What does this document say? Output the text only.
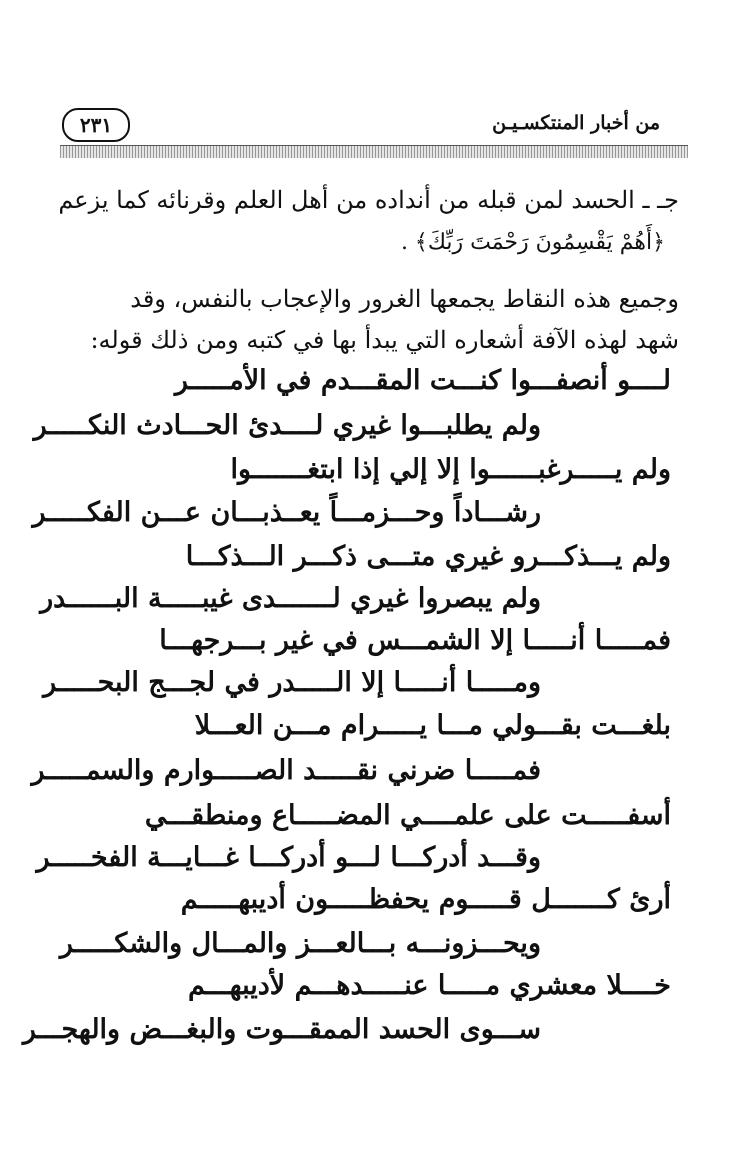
٢٣١	من أخبار المنتكسـيـن
جـ ـ الحسد لمن قبله من أنداده من أهل العلم وقرنائه كما يزعم
﴿أَهُمْ يَقْسِمُونَ رَحْمَتَ رَبِّكَ﴾ .
وجميع هذه النقاط يجمعها الغرور والإعجاب بالنفس، وقد
شهد لهذه الآفة أشعاره التي يبدأ بها في كتبه ومن ذلك قوله:
لــــو أنصفـــوا كنـــت المقـــدم في الأمـــــر
ولم يطلبـــوا غيري لــــدئ الحـــادث النكـــــر
ولم يـــــرغبــــــوا إلا إلي إذا ابتغـــــــوا
رشـــاداً وحـــزمـــاً يعــذبـــان عـــن الفكـــــر
ولم يـــذكـــرو غيري متـــى ذكـــر الـــذكـــا
ولم يبصروا غيري لـــــــدى غيبـــــة البــــــدر
فمـــــا أنـــــا إلا الشمـــس في غير بـــرجهـــا
ومـــــا أنـــــا إلا الـــــدر في لجـــج البحـــــر
بلغـــت بقـــولي مـــا يـــــرام مـــن العـــلا
فمـــــا ضرني نقـــــد الصـــــوارم والسمـــــر
أسفـــــت على علمــــي المضـــــاع ومنطقـــي
وقـــد أدركـــا لـــو أدركـــا غـــايـــة الفخـــــر
أرئ كـــــــل قـــــوم يحفظـــــون أديبهـــــم
ويحـــزونـــه بـــالعـــز والمـــال والشكـــــر
خــــلا معشري مـــــا عنـــــدهـــم لأديبهـــم
ســـوى الحسد الممقـــوت والبغـــض والهجـــر
